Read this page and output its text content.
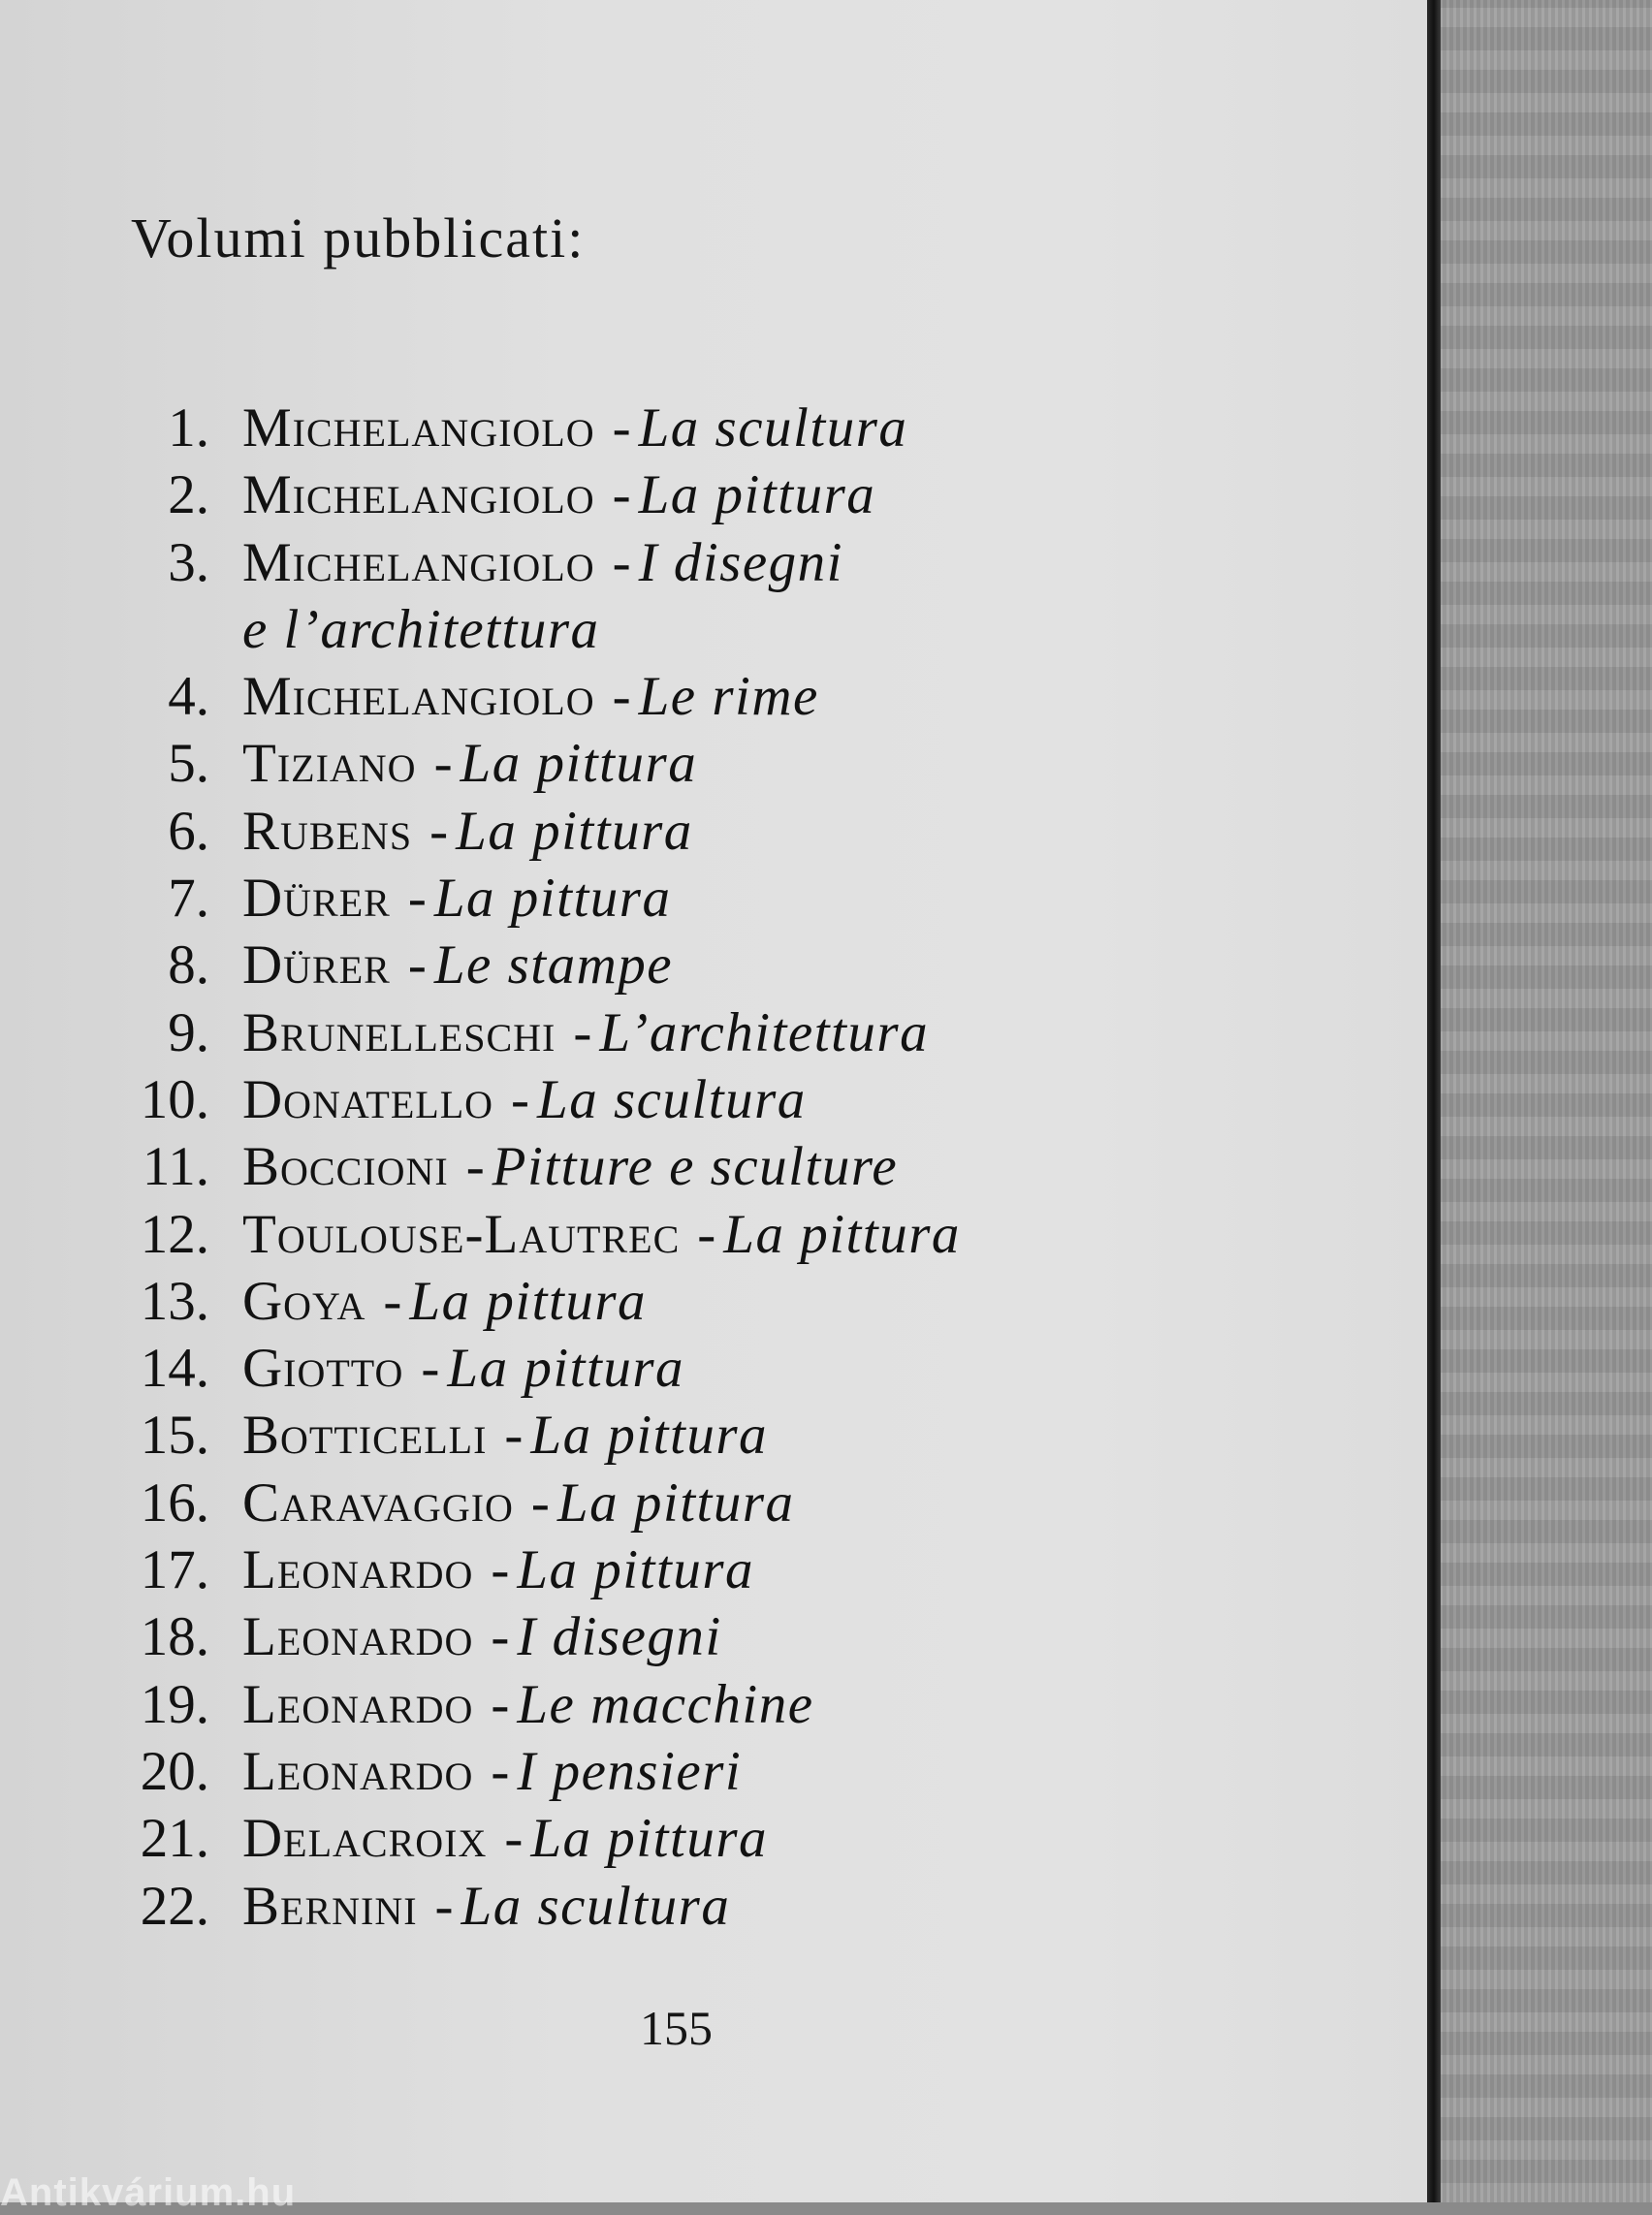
Volumi pubblicati:
1. Michelangiolo - La scultura
2. Michelangiolo - La pittura
3. Michelangiolo - I disegni
e l’architettura
4. Michelangiolo - Le rime
5. Tiziano - La pittura
6. Rubens - La pittura
7. Dürer - La pittura
8. Dürer - Le stampe
9. Brunelleschi - L’architettura
10. Donatello - La scultura
11. Boccioni - Pitture e sculture
12. Toulouse-Lautrec - La pittura
13. Goya - La pittura
14. Giotto - La pittura
15. Botticelli - La pittura
16. Caravaggio - La pittura
17. Leonardo - La pittura
18. Leonardo - I disegni
19. Leonardo - Le macchine
20. Leonardo - I pensieri
21. Delacroix - La pittura
22. Bernini - La scultura
155
Antikvárium.hu
